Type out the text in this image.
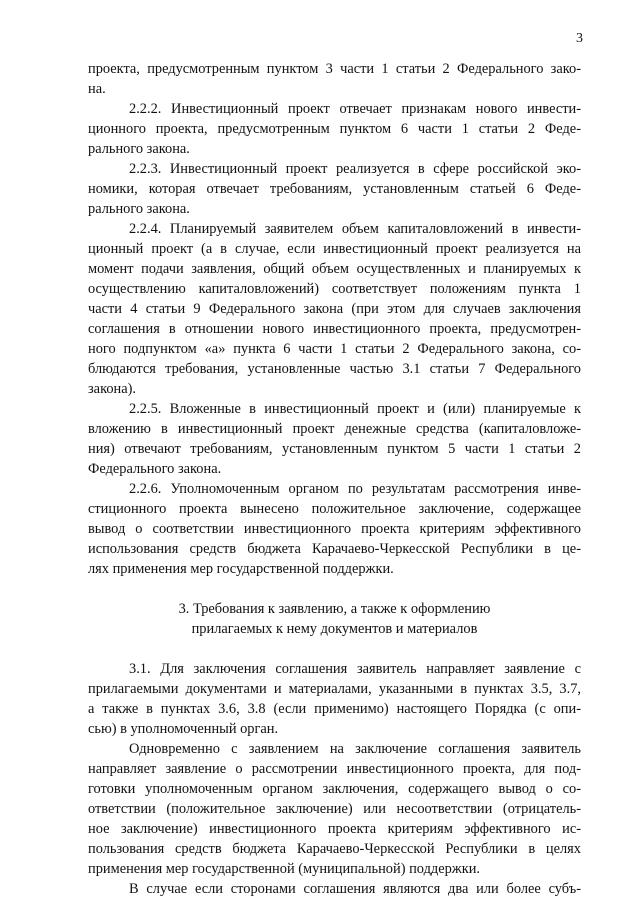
3
проекта, предусмотренным пунктом 3 части 1 статьи 2 Федерального зако-
на.
2.2.2. Инвестиционный проект отвечает признакам нового инвести-
ционного проекта, предусмотренным пунктом 6 части 1 статьи 2 Феде-
рального закона.
2.2.3. Инвестиционный проект реализуется в сфере российской эко-
номики, которая отвечает требованиям, установленным статьей 6 Феде-
рального закона.
2.2.4. Планируемый заявителем объем капиталовложений в инвести-
ционный проект (а в случае, если инвестиционный проект реализуется на
момент подачи заявления, общий объем осуществленных и планируемых к
осуществлению капиталовложений) соответствует положениям пункта 1
части 4 статьи 9 Федерального закона (при этом для случаев заключения
соглашения в отношении нового инвестиционного проекта, предусмотрен-
ного подпунктом «а» пункта 6 части 1 статьи 2 Федерального закона, со-
блюдаются требования, установленные частью 3.1 статьи 7 Федерального
закона).
2.2.5. Вложенные в инвестиционный проект и (или) планируемые к
вложению в инвестиционный проект денежные средства (капиталовложе-
ния) отвечают требованиям, установленным пунктом 5 части 1 статьи 2
Федерального закона.
2.2.6. Уполномоченным органом по результатам рассмотрения инве-
стиционного проекта вынесено положительное заключение, содержащее
вывод о соответствии инвестиционного проекта критериям эффективного
использования средств бюджета Карачаево-Черкесской Республики в це-
лях применения мер государственной поддержки.
3. Требования к заявлению, а также к оформлению
прилагаемых к нему документов и материалов
3.1. Для заключения соглашения заявитель направляет заявление с
прилагаемыми документами и материалами, указанными в пунктах 3.5, 3.7,
а также в пунктах 3.6, 3.8 (если применимо) настоящего Порядка (с опи-
сью) в уполномоченный орган.
Одновременно с заявлением на заключение соглашения заявитель
направляет заявление о рассмотрении инвестиционного проекта, для под-
готовки уполномоченным органом заключения, содержащего вывод о со-
ответствии (положительное заключение) или несоответствии (отрицатель-
ное заключение) инвестиционного проекта критериям эффективного ис-
пользования средств бюджета Карачаево-Черкесской Республики в целях
применения мер государственной (муниципальной) поддержки.
В случае если сторонами соглашения являются два или более субъ-
